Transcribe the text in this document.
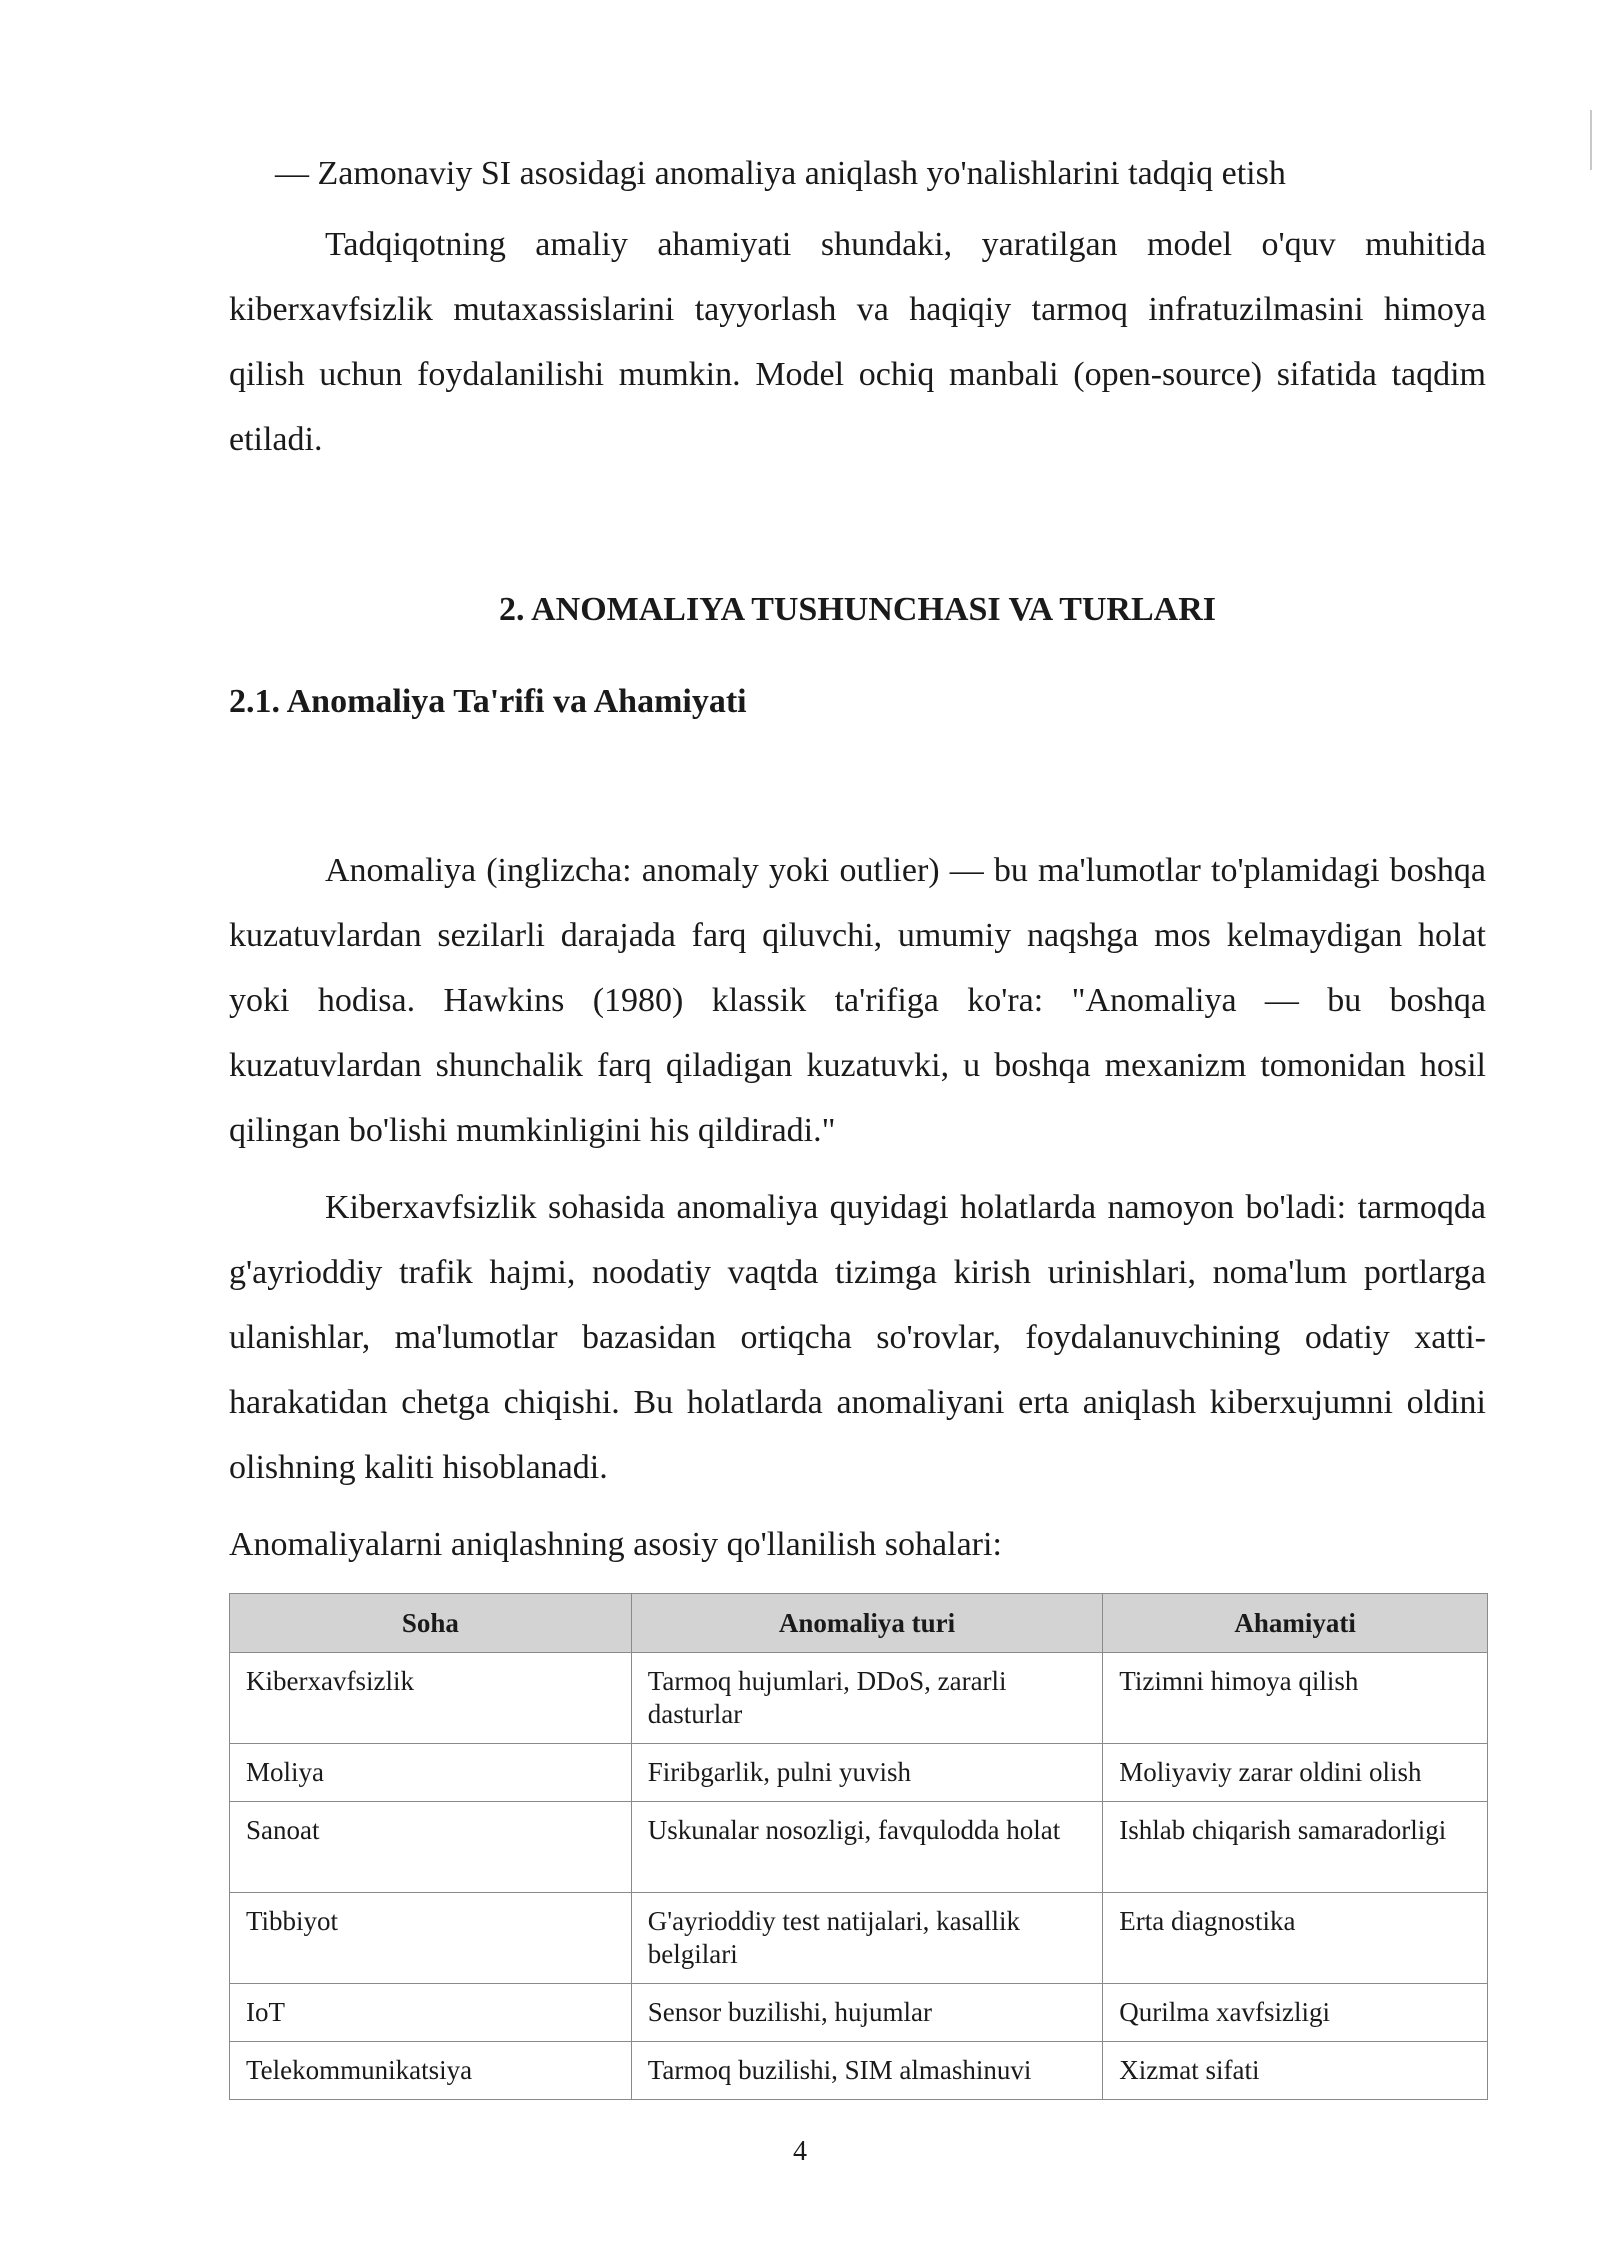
— Zamonaviy SI asosidagi anomaliya aniqlash yo'nalishlarini tadqiq etish

Tadqiqotning amaliy ahamiyati shundaki, yaratilgan model o'quv muhitida kiberxavfsizlik mutaxassislarini tayyorlash va haqiqiy tarmoq infratuzilmasini himoya qilish uchun foydalanilishi mumkin. Model ochiq manbali (open-source) sifatida taqdim etiladi.

2. ANOMALIYA TUSHUNCHASI VA TURLARI
2.1. Anomaliya Ta'rifi va Ahamiyati

Anomaliya (inglizcha: anomaly yoki outlier) — bu ma'lumotlar to'plamidagi boshqa kuzatuvlardan sezilarli darajada farq qiluvchi, umumiy naqshga mos kelmaydigan holat yoki hodisa. Hawkins (1980) klassik ta'rifiga ko'ra: "Anomaliya — bu boshqa kuzatuvlardan shunchalik farq qiladigan kuzatuvki, u boshqa mexanizm tomonidan hosil qilingan bo'lishi mumkinligini his qildiradi."

Kiberxavfsizlik sohasida anomaliya quyidagi holatlarda namoyon bo'ladi: tarmoqda g'ayrioddiy trafik hajmi, noodatiy vaqtda tizimga kirish urinishlari, noma'lum portlarga ulanishlar, ma'lumotlar bazasidan ortiqcha so'rovlar, foydalanuvchining odatiy xatti-harakatidan chetga chiqishi. Bu holatlarda anomaliyani erta aniqlash kiberxujumni oldini olishning kaliti hisoblanadi.

Anomaliyalarni aniqlashning asosiy qo'llanilish sohalari:

Soha	Anomaliya turi	Ahamiyati
Kiberxavfsizlik	Tarmoq hujumlari, DDoS, zararli dasturlar	Tizimni himoya qilish
Moliya	Firibgarlik, pulni yuvish	Moliyaviy zarar oldini olish
Sanoat	Uskunalar nosozligi, favqulodda holat	Ishlab chiqarish samaradorligi
Tibbiyot	G'ayrioddiy test natijalari, kasallik belgilari	Erta diagnostika
IoT	Sensor buzilishi, hujumlar	Qurilma xavfsizligi
Telekommunikatsiya	Tarmoq buzilishi, SIM almashinuvi	Xizmat sifati
4
